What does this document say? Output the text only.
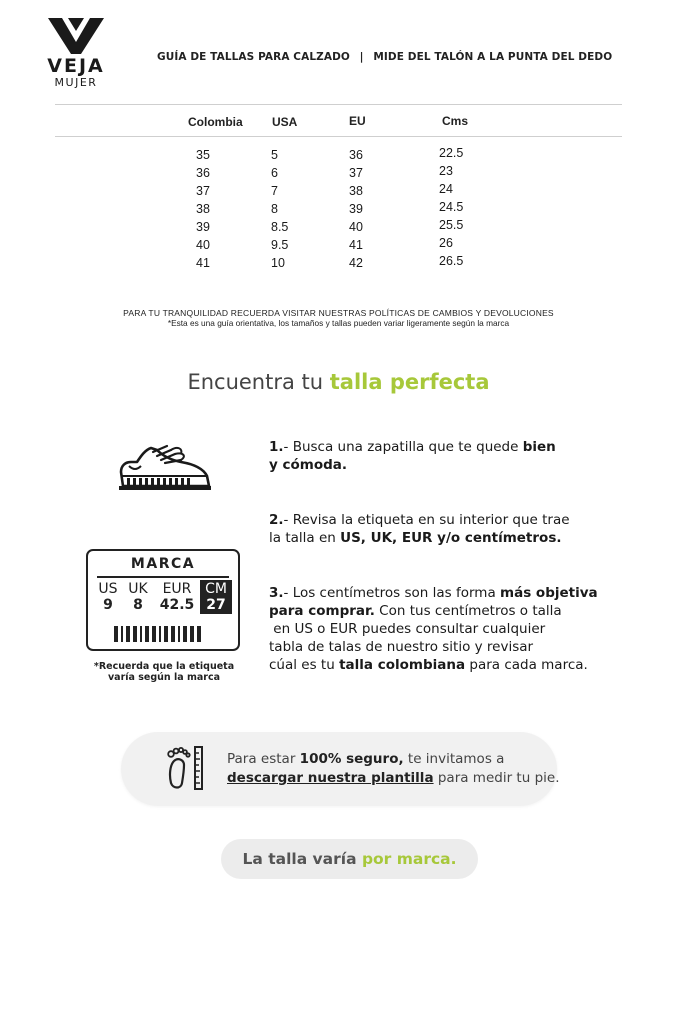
VEJA
MUJER
GUÍA DE TALLAS PARA CALZADO | MIDE DEL TALÓN A LA PUNTA DEL DEDO
Colombia USA	EU	Cms
35
36
37
38
39
40
41
5
6
7
8
8.5
9.5
10
36
37
38
39
40
41
42
22.5
23
24
24.5
25.5
26
26.5
PARA TU TRANQUILIDAD RECUERDA VISITAR NUESTRAS POLÍTICAS DE CAMBIOS Y DEVOLUCIONES
*Esta es una guía orientativa, los tamaños y tallas pueden variar ligeramente según la marca
Encuentra tu talla perfecta
1.- Busca una zapatilla que te quede bien
y cómoda.
2.- Revisa la etiqueta en su interior que trae
la talla en US, UK, EUR y/o centímetros.
3.- Los centímetros son las forma más objetiva
para comprar. Con tus centímetros o talla
en US o EUR puedes consultar cualquier
tabla de talas de nuestro sitio y revisar
cúal es tu talla colombiana para cada marca.
MARCA
US
9
UK
8
EUR
42.5
CM
27
*Recuerda que la etiqueta
varía según la marca
Para estar 100% seguro, te invitamos a
descargar nuestra plantilla para medir tu pie.
La talla varía por marca.
